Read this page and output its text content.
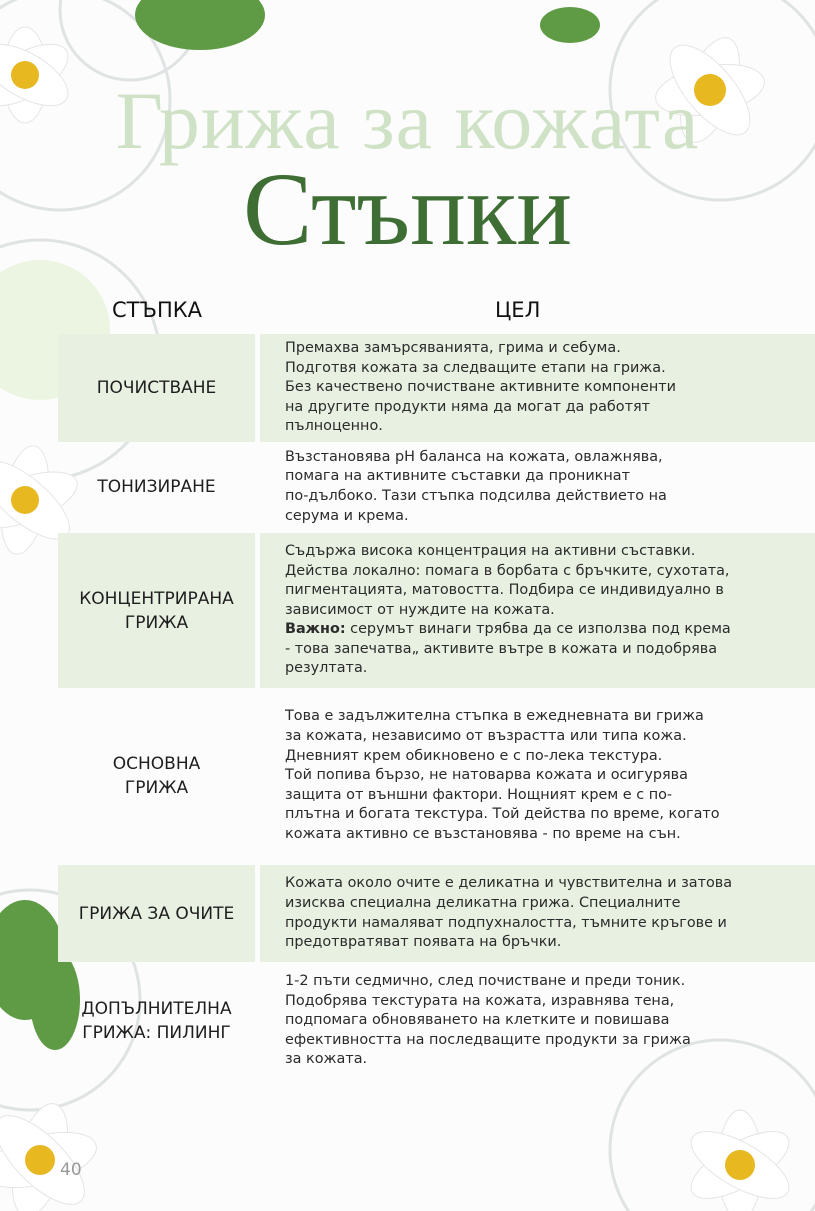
Грижа за кожата
Стъпки
СТЪПКА	ЦЕЛ
ПОЧИСТВАНЕ
Премахва замърсяванията, грима и себума.
Подготвя кожата за следващите етапи на грижа.
Без качествено почистване активните компоненти
на другите продукти няма да могат да работят
пълноценно.
ТОНИЗИРАНЕ
Възстановява pH баланса на кожата, овлажнява,
помага на активните съставки да проникнат
по-дълбоко. Тази стъпка подсилва действието на
серума и крема.
КОНЦЕНТРИРАНА
ГРИЖА
Съдържа висока концентрация на активни съставки.
Действа локално: помага в борбата с бръчките, сухотата,
пигментацията, матовостта. Подбира се индивидуално в
зависимост от нуждите на кожата.
Важно: серумът винаги трябва да се използва под крема
- това запечатва„ активите вътре в кожата и подобрява
резултата.
ОСНОВНА
ГРИЖА
Това е задължителна стъпка в ежедневната ви грижа
за кожата, независимо от възрастта или типа кожа.
Дневният крем обикновено е с по-лека текстура.
Той попива бързо, не натоварва кожата и осигурява
защита от външни фактори. Нощният крем е с по-
плътна и богата текстура. Той действа по време, когато
кожата активно се възстановява - по време на сън.
ГРИЖА ЗА ОЧИТЕ
Кожата около очите е деликатна и чувствителна и затова
изисква специална деликатна грижа. Специалните
продукти намаляват подпухналостта, тъмните кръгове и
предотвратяват появата на бръчки.
ДОПЪЛНИТЕЛНА
ГРИЖА: ПИЛИНГ
1-2 пъти седмично, след почистване и преди тоник.
Подобрява текстурата на кожата, изравнява тена,
подпомага обновяването на клетките и повишава
ефективността на последващите продукти за грижа
за кожата.
40
